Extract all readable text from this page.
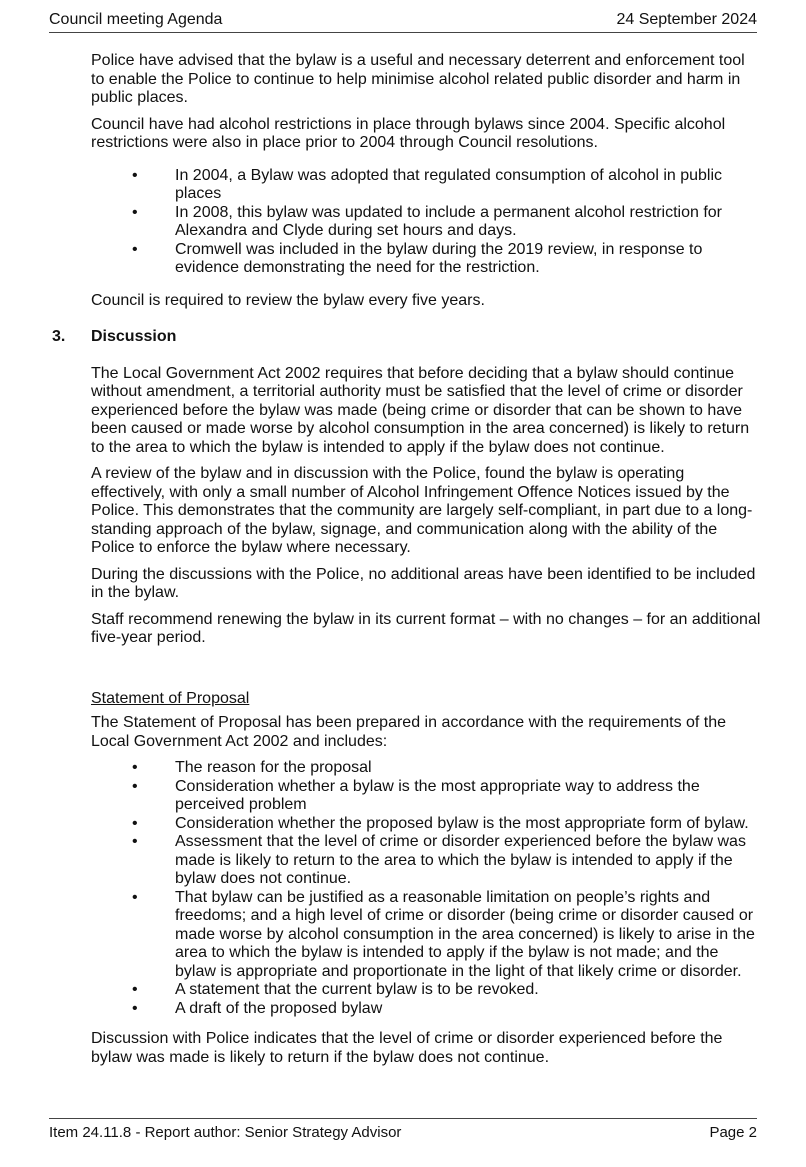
Council meeting Agenda	24 September 2024

Police have advised that the bylaw is a useful and necessary deterrent and enforcement tool to enable the Police to continue to help minimise alcohol related public disorder and harm in public places.

Council have had alcohol restrictions in place through bylaws since 2004. Specific alcohol restrictions were also in place prior to 2004 through Council resolutions.

• In 2004, a Bylaw was adopted that regulated consumption of alcohol in public places
• In 2008, this bylaw was updated to include a permanent alcohol restriction for Alexandra and Clyde during set hours and days.
• Cromwell was included in the bylaw during the 2019 review, in response to evidence demonstrating the need for the restriction.

Council is required to review the bylaw every five years.

3. Discussion

The Local Government Act 2002 requires that before deciding that a bylaw should continue without amendment, a territorial authority must be satisfied that the level of crime or disorder experienced before the bylaw was made (being crime or disorder that can be shown to have been caused or made worse by alcohol consumption in the area concerned) is likely to return to the area to which the bylaw is intended to apply if the bylaw does not continue.

A review of the bylaw and in discussion with the Police, found the bylaw is operating effectively, with only a small number of Alcohol Infringement Offence Notices issued by the Police. This demonstrates that the community are largely self-compliant, in part due to a long-standing approach of the bylaw, signage, and communication along with the ability of the Police to enforce the bylaw where necessary.

During the discussions with the Police, no additional areas have been identified to be included in the bylaw.

Staff recommend renewing the bylaw in its current format – with no changes – for an additional five-year period.

Statement of Proposal

The Statement of Proposal has been prepared in accordance with the requirements of the Local Government Act 2002 and includes:

• The reason for the proposal
• Consideration whether a bylaw is the most appropriate way to address the perceived problem
• Consideration whether the proposed bylaw is the most appropriate form of bylaw.
• Assessment that the level of crime or disorder experienced before the bylaw was made is likely to return to the area to which the bylaw is intended to apply if the bylaw does not continue.
• That bylaw can be justified as a reasonable limitation on people’s rights and freedoms; and a high level of crime or disorder (being crime or disorder caused or made worse by alcohol consumption in the area concerned) is likely to arise in the area to which the bylaw is intended to apply if the bylaw is not made; and the bylaw is appropriate and proportionate in the light of that likely crime or disorder.
• A statement that the current bylaw is to be revoked.
• A draft of the proposed bylaw

Discussion with Police indicates that the level of crime or disorder experienced before the bylaw was made is likely to return if the bylaw does not continue.

Item 24.11.8 - Report author: Senior Strategy Advisor	Page 2
